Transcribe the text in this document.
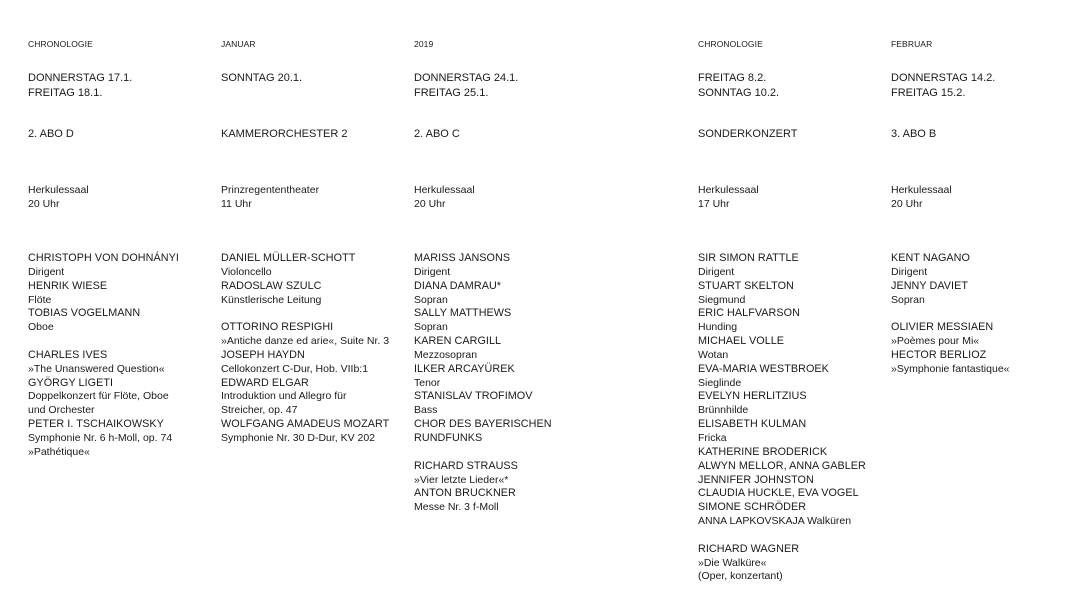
CHRONOLOGIE
DONNERSTAG 17.1.
FREITAG 18.1.
2. ABO D
Herkulessaal
20 Uhr
CHRISTOPH VON DOHNÁNYI
Dirigent
HENRIK WIESE
Flöte
TOBIAS VOGELMANN
Oboe
CHARLES IVES
»The Unanswered Question«
GYÖRGY LIGETI
Doppelkonzert für Flöte, Oboe
und Orchester
PETER I. TSCHAIKOWSKY
Symphonie Nr. 6 h-Moll, op. 74
»Pathétique«
JANUAR
SONNTAG 20.1.
KAMMERORCHESTER 2
Prinzregententheater
11 Uhr
DANIEL MÜLLER-SCHOTT
Violoncello
RADOSLAW SZULC
Künstlerische Leitung
OTTORINO RESPIGHI
»Antiche danze ed arie«, Suite Nr. 3
JOSEPH HAYDN
Cellokonzert C-Dur, Hob. VIIb:1
EDWARD ELGAR
Introduktion und Allegro für
Streicher, op. 47
WOLFGANG AMADEUS MOZART
Symphonie Nr. 30 D-Dur, KV 202
2019
DONNERSTAG 24.1.
FREITAG 25.1.
2. ABO C
Herkulessaal
20 Uhr
MARISS JANSONS
Dirigent
DIANA DAMRAU*
Sopran
SALLY MATTHEWS
Sopran
KAREN CARGILL
Mezzosopran
ILKER ARCAYÜREK
Tenor
STANISLAV TROFIMOV
Bass
CHOR DES BAYERISCHEN
RUNDFUNKS
RICHARD STRAUSS
»Vier letzte Lieder«*
ANTON BRUCKNER
Messe Nr. 3 f-Moll
CHRONOLOGIE
FREITAG 8.2.
SONNTAG 10.2.
SONDERKONZERT
Herkulessaal
17 Uhr
SIR SIMON RATTLE
Dirigent
STUART SKELTON
Siegmund
ERIC HALFVARSON
Hunding
MICHAEL VOLLE
Wotan
EVA-MARIA WESTBROEK
Sieglinde
EVELYN HERLITZIUS
Brünnhilde
ELISABETH KULMAN
Fricka
KATHERINE BRODERICK
ALWYN MELLOR, ANNA GABLER
JENNIFER JOHNSTON
CLAUDIA HUCKLE, EVA VOGEL
SIMONE SCHRÖDER
ANNA LAPKOVSKAJA Walküren
RICHARD WAGNER
»Die Walküre«
(Oper, konzertant)
FEBRUAR
DONNERSTAG 14.2.
FREITAG 15.2.
3. ABO B
Herkulessaal
20 Uhr
KENT NAGANO
Dirigent
JENNY DAVIET
Sopran
OLIVIER MESSIAEN
»Poèmes pour Mi«
HECTOR BERLIOZ
»Symphonie fantastique«
